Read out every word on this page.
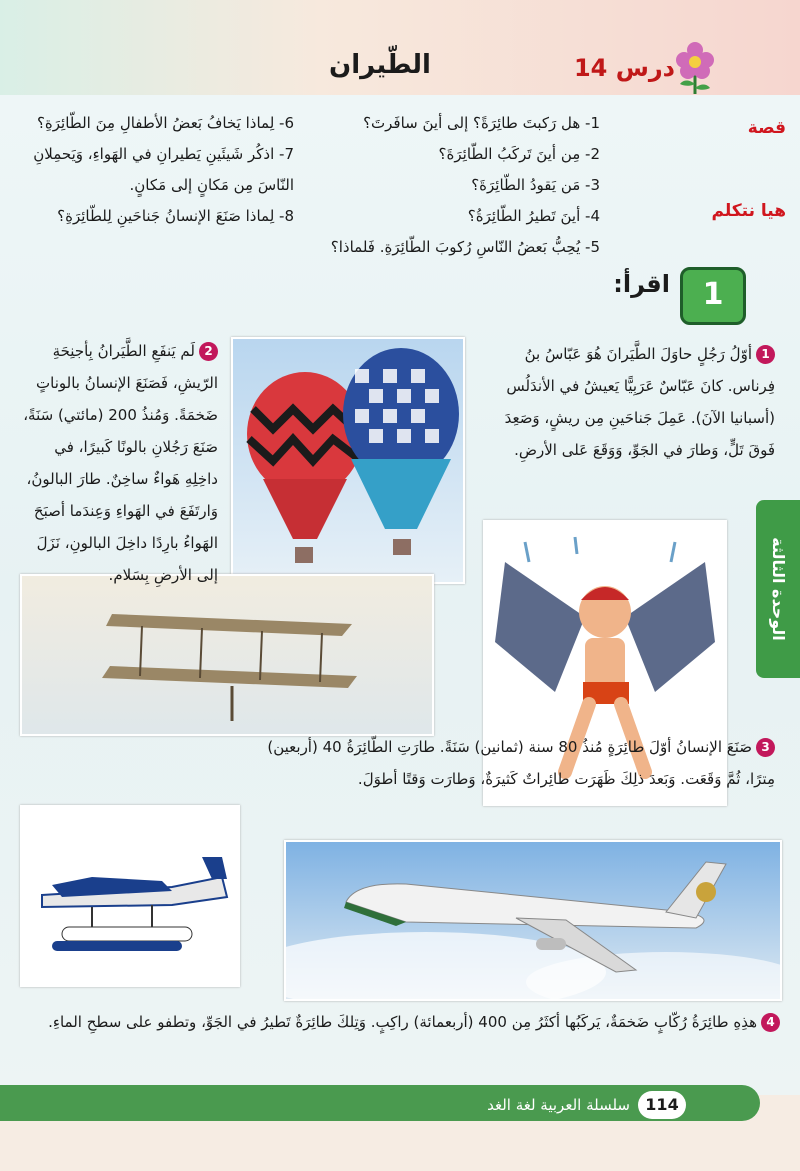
درس 14
الطّيران
قصة
هيا نتكلم
1- هل رَكبتَ طائِرَةً؟ إلى أينَ سافَرتَ؟
2- مِن أينَ تَركَبُ الطّائِرَةَ؟
3- مَن يَقودُ الطّائِرَةَ؟
4- أينَ تَطيرُ الطّائِرَةُ؟
5- يُحِبُّ بَعضُ النّاسِ رُكوبَ الطّائِرَةِ. فَلماذا؟
6- لِماذا يَخافُ بَعضُ الأطفالِ مِنَ الطّائِرَةِ؟
7- اذكُر شَيئَينِ يَطيرانِ في الهَواءِ، وَيَحمِلانِ النّاسَ مِن مَكانٍ إلى مَكانٍ.
8- لِماذا صَنَعَ الإنسانُ جَناحَينِ لِلطّائِرَةِ؟
1
اقرأ:
1أوّلُ رَجُلٍ حاوَلَ الطَّيَرانَ هُوَ عَبّاسُ بنُ فِرناس. كانَ عَبّاسٌ عَرَبِيًّا يَعيشُ في الأندَلُس (أسبانيا الآنَ). عَمِلَ جَناحَينِ مِن ريشٍ، وَصَعِدَ فَوقَ تَلٍّ، وَطارَ في الجَوِّ، وَوَقَعَ عَلى الأرضِ.
2لَم يَنفَعِ الطَّيَرانُ بِأجنِحَةِ الرّيشِ، فَصَنَعَ الإنسانُ بالوناتٍ ضَخمَةً. وَمُنذُ 200 (مائتي) سَنَةً، صَنَعَ رَجُلانِ بالونًا كَبيرًا، في داخِلِهِ هَواءٌ ساخِنٌ. طارَ البالونُ، وَارتَفَعَ في الهَواءِ وَعِندَما أصبَحَ الهَواءُ بارِدًا داخِلَ البالونِ، نَزَلَ إلى الأرضِ بِسَلام.
3صَنَعَ الإنسانُ أوّلَ طائِرَةٍ مُنذُ 80 سنة (ثمانين) سَنَةً. طارَتِ الطّائِرَةُ 40 (أربعين) مِترًا، ثُمَّ وَقَعَت. وَبَعدَ ذلِكَ ظَهَرَت طائِراتٌ كَثيرَةٌ، وَطارَت وَقتًا أطوَلَ.
4هذِهِ طائِرَةُ رُكّابٍ ضَخمَةٌ، يَركَبُها أكثَرُ مِن 400 (أربعمائة) راكِبٍ. وَتِلكَ طائِرَةٌ تَطيرُ في الجَوِّ، وتطفو على سطحِ الماءِ.
الوحدة الثالثة
سلسلة العربية لغة الغد 114
